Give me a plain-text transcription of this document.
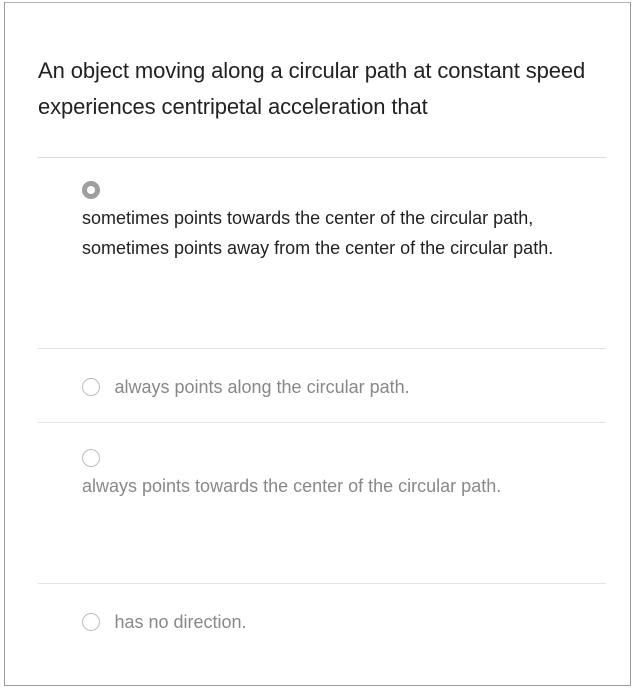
An object moving along a circular path at constant speed experiences centripetal acceleration that
sometimes points towards the center of the circular path, sometimes points away from the center of the circular path.
always points along the circular path.
always points towards the center of the circular path.
has no direction.
